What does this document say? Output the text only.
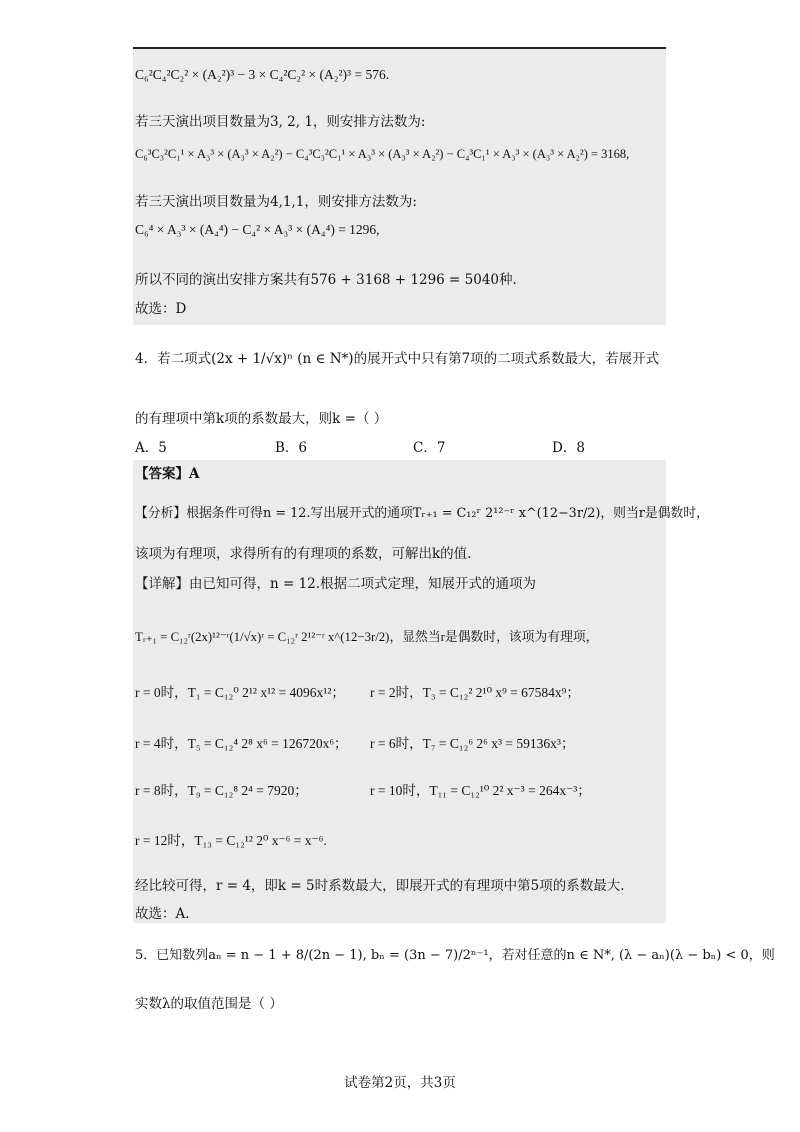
C₆²C₄²C₂² × (A₂²)³ − 3 × C₄²C₂² × (A₂²)³ = 576.
若三天演出项目数量为3, 2, 1，则安排方法数为:
C₆³C₃²C₁¹ × A₃³ × (A₃³ × A₂²) − C₄³C₃²C₁¹ × A₃³ × (A₃³ × A₂²) − C₄³C₁¹ × A₃³ × (A₃³ × A₂²) = 3168,
若三天演出项目数量为4,1,1，则安排方法数为:
C₆⁴ × A₃³ × (A₄⁴) − C₄² × A₃³ × (A₄⁴) = 1296,
所以不同的演出安排方案共有576 + 3168 + 1296 = 5040种.
故选：D
4．若二项式(2x + 1/√x)ⁿ (n ∈ N*)的展开式中只有第7项的二项式系数最大，若展开式
的有理项中第k项的系数最大，则k =（ ）
A．5	B．6	C．7	D．8
【答案】A
【分析】根据条件可得n = 12.写出展开式的通项Tᵣ₊₁ = C₁₂ʳ 2¹²⁻ʳ x^(12−3r/2)，则当r是偶数时，
该项为有理项，求得所有的有理项的系数，可解出k的值.
【详解】由已知可得，n = 12.根据二项式定理，知展开式的通项为
Tᵣ₊₁ = C₁₂ʳ(2x)¹²⁻ʳ(1/√x)ʳ = C₁₂ʳ 2¹²⁻ʳ x^(12−3r/2)，显然当r是偶数时，该项为有理项，
r = 0时，T₁ = C₁₂⁰ 2¹² x¹² = 4096x¹²； r = 2时，T₃ = C₁₂² 2¹⁰ x⁹ = 67584x⁹；
r = 4时，T₅ = C₁₂⁴ 2⁸ x⁶ = 126720x⁶； r = 6时，T₇ = C₁₂⁶ 2⁶ x³ = 59136x³；
r = 8时，T₉ = C₁₂⁸ 2⁴ = 7920；	r = 10时，T₁₁ = C₁₂¹⁰ 2² x⁻³ = 264x⁻³；
r = 12时，T₁₃ = C₁₂¹² 2⁰ x⁻⁶ = x⁻⁶.
经比较可得，r = 4，即k = 5时系数最大，即展开式的有理项中第5项的系数最大.
故选：A.
5．已知数列aₙ = n − 1 + 8/(2n − 1), bₙ = (3n − 7)/2ⁿ⁻¹，若对任意的n ∈ N*, (λ − aₙ)(λ − bₙ) < 0，则
实数λ的取值范围是（ ）
试卷第2页，共3页
